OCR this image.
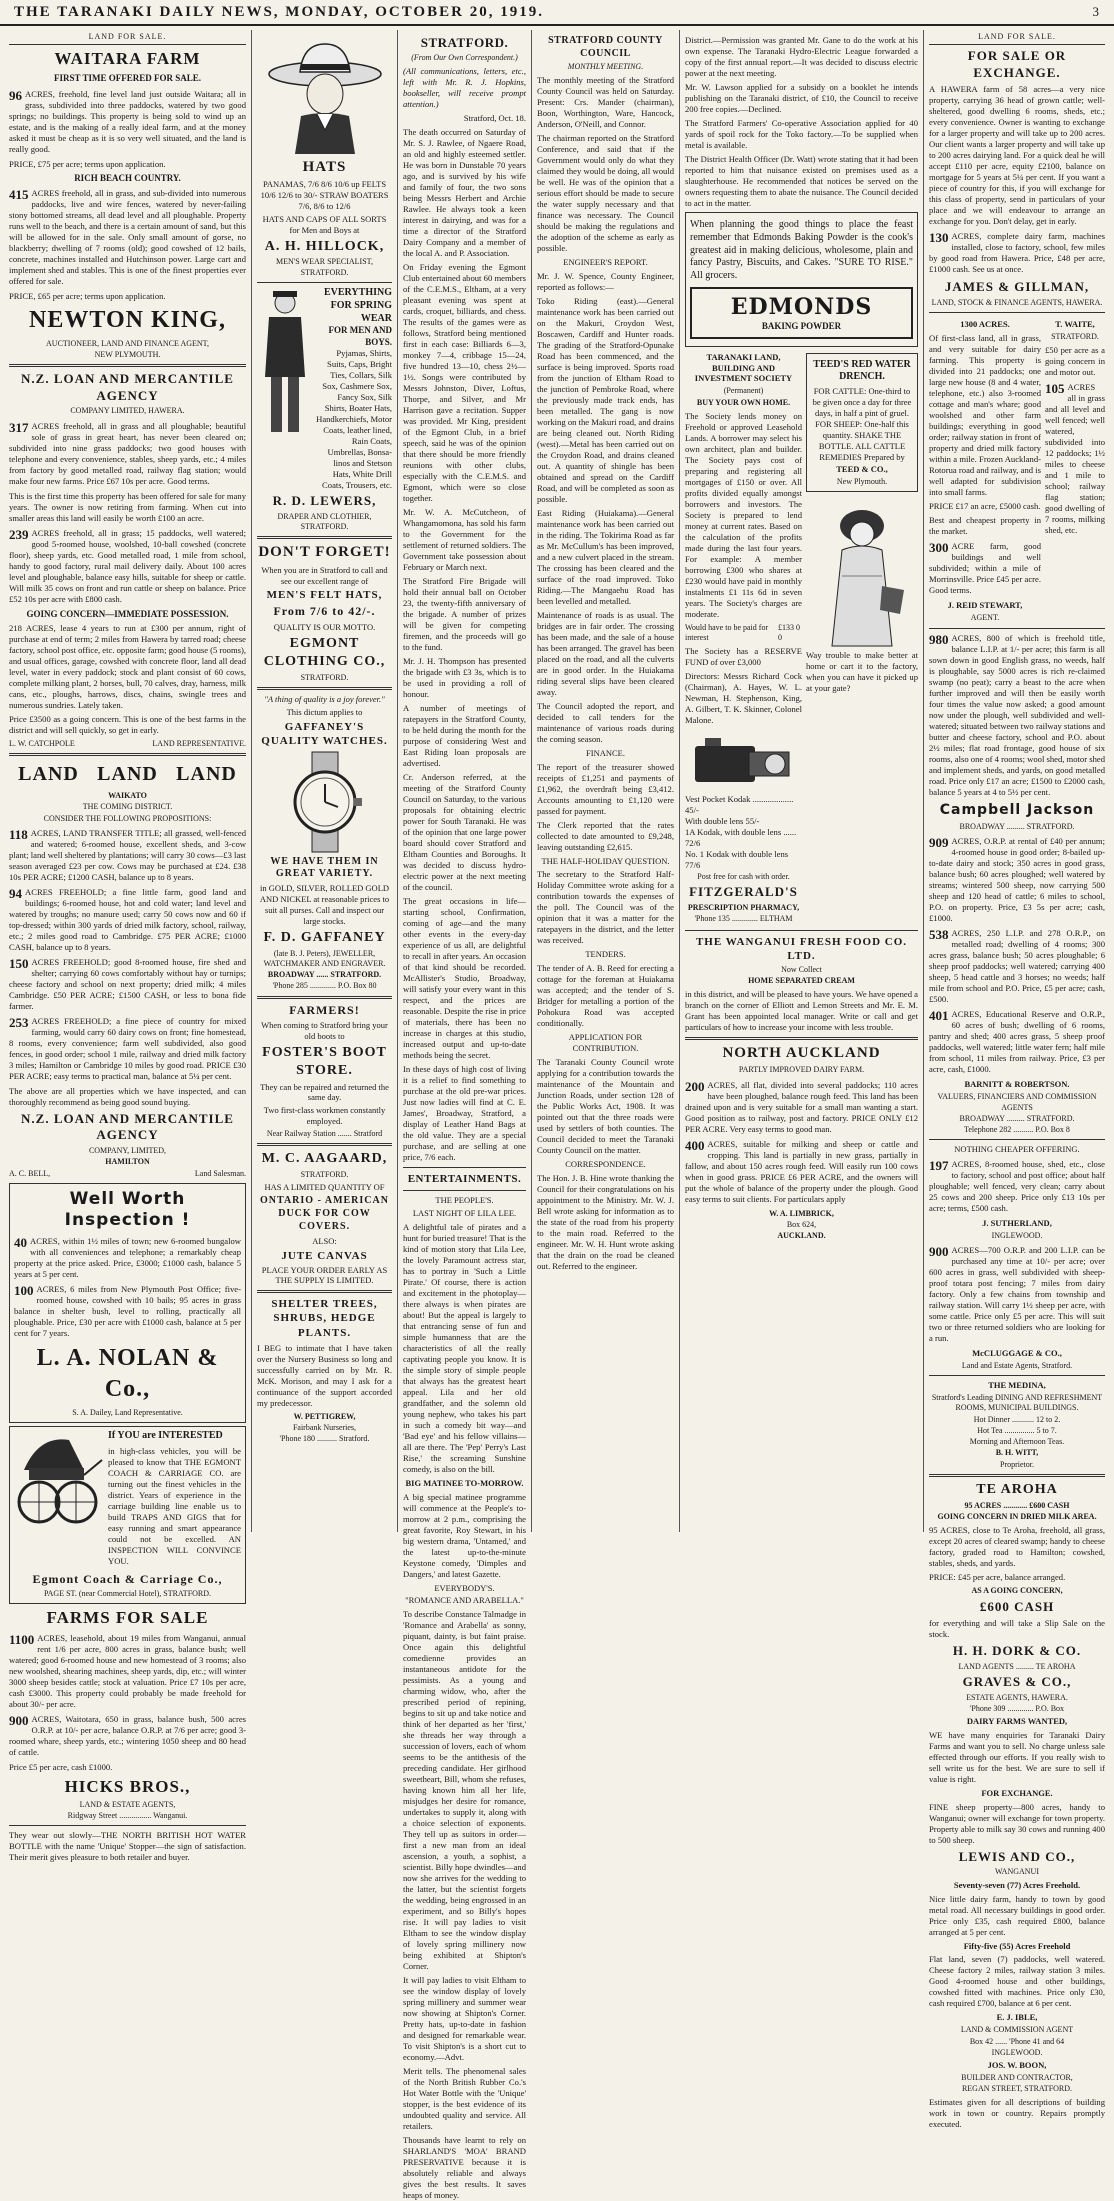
THE TARANAKI DAILY NEWS, MONDAY, OCTOBER 20, 1919.	3
LAND FOR SALE.
WAITARA FARM
FIRST TIME OFFERED FOR SALE.
96 ACRES, freehold, fine level land just outside Waitara; all in grass, subdivided into three paddocks, watered by two good springs; no buildings. This property is being sold to wind up an estate, and is the making of a really ideal farm, and at the money asked it must be cheap as it is so very well situated, and the land is really good.
PRICE, £75 per acre; terms upon application.
RICH BEACH COUNTRY.
415 ACRES freehold, all in grass, and sub-divided into numerous paddocks, live and wire fences, watered by never-failing stony bottomed streams, all dead level and all ploughable. Property runs well to the beach, and there is a certain amount of sand, but this will be allowed for in the sale. Only small amount of gorse, no blackberry; dwelling of 7 rooms (old); good cowshed of 12 bails, concrete, machines installed and Hutchinson power. Large cart and implement shed and stables. This is one of the finest properties ever offered for sale.
PRICE, £65 per acre; terms upon application.
NEWTON KING,
AUCTIONEER, LAND AND FINANCE AGENT,
NEW PLYMOUTH.
N.Z. LOAN AND MERCANTILE AGENCY
COMPANY LIMITED, HAWERA.
317 ACRES freehold, all in grass and all ploughable; beautiful sole of grass in great heart, has never been cleared on; subdivided into nine grass paddocks; two good houses with telephone and every convenience, stables, sheep yards, etc.; 4 miles from factory by good metalled road, railway flag station; would make four new farms. Price £67 10s per acre. Good terms.
This is the first time this property has been offered for sale for many years. The owner is now retiring from farming. When cut into smaller areas this land will easily be worth £100 an acre.
239 ACRES freehold, all in grass; 15 paddocks, well watered; good 5-roomed house, woolshed, 10-ball cowshed (concrete floor), sheep yards, etc. Good metalled road, 1 mile from school, handy to good factory, rural mail delivery daily. About 100 acres level and ploughable, balance easy hills, suitable for sheep or cattle. Will milk 35 cows on front and run cattle or sheep on balance. Price £52 10s per acre with £800 cash.
GOING CONCERN—IMMEDIATE POSSESSION.
218 ACRES, lease 4 years to run at £300 per annum, right of purchase at end of term; 2 miles from Hawera by tarred road; cheese factory, school post office, etc. opposite farm; good house (5 rooms), and usual offices, garage, cowshed with concrete floor, land all dead level, water in every paddock; stock and plant consist of 60 cows, complete milking plant, 2 horses, bull, 70 calves, dray, harness, milk cans, etc., ploughs, harrows, discs, chains, swingle trees and numerous sundries. Lately taken.
Price £3500 as a going concern. This is one of the best farms in the district and will sell quickly, so get in early.
L. W. CATCHPOLE	LAND REPRESENTATIVE.
LAND LAND LAND
WAIKATO
THE COMING DISTRICT.
CONSIDER THE FOLLOWING PROPOSITIONS:
118 ACRES, LAND TRANSFER TITLE; all grassed, well-fenced and watered; 6-roomed house, excellent sheds, and 3-cow plant; land well sheltered by plantations; will carry 30 cows—£3 last season averaged £23 per cow. Cows may be purchased at £24. £38 10s PER ACRE; £1200 CASH, balance up to 8 years.
94 ACRES FREEHOLD; a fine little farm, good land and buildings; 6-roomed house, hot and cold water; land level and watered by troughs; no manure used; carry 50 cows now and 60 if top-dressed; within 300 yards of dried milk factory, school, railway, etc.; 2 miles good road to Cambridge. £75 PER ACRE; £1000 CASH, balance up to 8 years.
150 ACRES FREEHOLD; good 8-roomed house, fire shed and shelter; carrying 60 cows comfortably without hay or turnips; cheese factory and school on next property; dried milk; 4 miles Cambridge. £50 PER ACRE; £1500 CASH, or less to bona fide farmer.
253 ACRES FREEHOLD; a fine piece of country for mixed farming, would carry 60 dairy cows on front; fine homestead, 8 rooms, every convenience; farm well subdivided, also good fences, in good order; school 1 mile, railway and dried milk factory 3 miles; Hamilton or Cambridge 10 miles by good road. PRICE £30 PER ACRE; easy terms to practical man, balance at 5¼ per cent.
The above are all properties which we have inspected, and can thoroughly recommend as being good sound buying.
N.Z. LOAN AND MERCANTILE AGENCY
COMPANY, LIMITED,
HAMILTON
A. C. BELL,	Land Salesman.
Well Worth Inspection !
40 ACRES, within 1½ miles of town; new 6-roomed bungalow with all conveniences and telephone; a remarkably cheap property at the price asked. Price, £3000; £1000 cash, balance 5 years at 5 per cent.
100 ACRES, 6 miles from New Plymouth Post Office; five-roomed house, cowshed with 10 bails; 95 acres in grass balance in shelter bush, level to rolling, practically all ploughable. Price, £30 per acre with £1000 cash, balance at 5 per cent for 7 years.
L. A. NOLAN & Co.,
S. A. Dailey, Land Representative.
If YOU are INTERESTED
in high-class vehicles, you will be pleased to know that THE EGMONT COACH & CARRIAGE CO. are turning out the finest vehicles in the district. Years of experience in the carriage building line enable us to build TRAPS AND GIGS that for easy running and smart appearance could not be excelled. AN INSPECTION WILL CONVINCE YOU.
Egmont Coach & Carriage Co.,
PAGE ST. (near Commercial Hotel), STRATFORD.
FARMS FOR SALE
1100 ACRES, leasehold, about 19 miles from Wanganui, annual rent 1/6 per acre, 800 acres in grass, balance bush; well watered; good 6-roomed house and new homestead of 3 rooms; also new woolshed, shearing machines, sheep yards, dip, etc.; will winter 3000 sheep besides cattle; stock at valuation. Price £7 10s per acre, cash £3000. This property could probably be made freehold for about 30/- per acre.
900 ACRES, Waitotara, 650 in grass, balance bush, 500 acres O.R.P. at 10/- per acre, balance O.R.P. at 7/6 per acre; good 3-roomed whare, sheep yards, etc.; wintering 1050 sheep and 80 head of cattle.
Price £5 per acre, cash £1000.
HICKS BROS.,
LAND & ESTATE AGENTS,
Ridgway Street ................ Wanganui.
They wear out slowly—THE NORTH BRITISH HOT WATER BOTTLE with the name 'Unique' Stopper—the sign of satisfaction. Their merit gives pleasure to both retailer and buyer.
HATS
PANAMAS, 7/6 8/6 10/6 up FELTS 10/6 12/6 to 30/- STRAW BOATERS 7/6, 8/6 to 12/6
HATS AND CAPS OF ALL SORTS for Men and Boys at
A. H. HILLOCK,
MEN'S WEAR SPECIALIST, STRATFORD.
EVERYTHING FOR SPRING WEAR
FOR MEN AND BOYS.
Pyjamas, Shirts, Suits, Caps, Bright Ties, Collars, Silk Sox, Cashmere Sox, Fancy Sox, Silk Shirts, Boater Hats, Handkerchiefs, Motor Coats, leather lined, Rain Coats, Umbrellas, Bonsa-linos and Stetson Hats, White Drill Coats, Trousers, etc.
R. D. LEWERS,
DRAPER AND CLOTHIER, STRATFORD.
DON'T FORGET!
When you are in Stratford to call and see our excellent range of
MEN'S FELT HATS,
From 7/6 to 42/-.
QUALITY IS OUR MOTTO.
EGMONT CLOTHING CO.,
STRATFORD.
"A thing of quality is a joy forever."
This dictum applies to
GAFFANEY'S QUALITY WATCHES.
WE HAVE THEM IN GREAT VARIETY.
in GOLD, SILVER, ROLLED GOLD AND NICKEL at reasonable prices to suit all purses. Call and inspect our large stocks.
F. D. GAFFANEY
(late B. J. Peters), JEWELLER, WATCHMAKER AND ENGRAVER.
BROADWAY ...... STRATFORD.
'Phone 285 ............. P.O. Box 80
FARMERS!
When coming to Stratford bring your old boots to
FOSTER'S BOOT STORE.
They can be repaired and returned the same day.
Two first-class workmen constantly employed.
Near Railway Station ....... Stratford
M. C. AAGAARD,
STRATFORD.
HAS A LIMITED QUANTITY OF
ONTARIO - AMERICAN DUCK FOR COW COVERS.
ALSO:
JUTE CANVAS
PLACE YOUR ORDER EARLY AS THE SUPPLY IS LIMITED.
SHELTER TREES, SHRUBS, HEDGE PLANTS.
I BEG to intimate that I have taken over the Nursery Business so long and successfully carried on by Mr. R. McK. Morison, and may I ask for a continuance of the support accorded my predecessor.
W. PETTIGREW,
Fairbank Nurseries,
'Phone 180 .......... Stratford.
STRATFORD.
(From Our Own Correspondent.)
(All communications, letters, etc., left with Mr. R. J. Hopkins, bookseller, will receive prompt attention.)
Stratford, Oct. 18.
The death occurred on Saturday of Mr. S. J. Rawlee, of Ngaere Road, an old and highly esteemed settler. He was born in Dunstable 70 years ago, and is survived by his wife and family of four, the two sons being Messrs Herbert and Archie Rawlee. He always took a keen interest in dairying, and was for a time a director of the Stratford Dairy Company and a member of the local A. and P. Association.
On Friday evening the Egmont Club entertained about 60 members of the C.E.M.S., Eltham, at a very pleasant evening was spent at cards, croquet, billiards, and chess. The results of the games were as follows, Stratford being mentioned first in each case: Billiards 6—3, monkey 7—4, cribbage 15—24, five hundred 13—10, chess 2½—1½. Songs were contributed by Messrs Johnston, Diver, Loftus, Thorpe, and Silver, and Mr Harrison gave a recitation. Supper was provided. Mr King, president of the Egmont Club, in a brief speech, said he was of the opinion that there should be more friendly reunions with other clubs, especially with the C.E.M.S. and Egmont, which were so close together.
Mr. W. A. McCutcheon, of Whangamomona, has sold his farm to the Government for the settlement of returned soldiers. The Government take possession about February or March next.
The Stratford Fire Brigade will hold their annual ball on October 23, the twenty-fifth anniversary of the brigade. A number of prizes will be given for competing firemen, and the proceeds will go to the fund.
Mr. J. H. Thompson has presented the brigade with £3 3s, which is to be used in providing a roll of honour.
A number of meetings of ratepayers in the Stratford County, to be held during the month for the purpose of considering West and East Riding loan proposals are advertised.
Cr. Anderson referred, at the meeting of the Stratford County Council on Saturday, to the various proposals for obtaining electric power for South Taranaki. He was of the opinion that one large power board should cover Stratford and Eltham Counties and Boroughs. It was decided to discuss hydro-electric power at the next meeting of the council.
The great occasions in life—starting school, Confirmation, coming of age—and the many other events in the every-day experience of us all, are delightful to recall in after years. An occasion of that kind should be recorded. McAllister's Studio, Broadway, will satisfy your every want in this respect, and the prices are reasonable. Despite the rise in price of materials, there has been no increase in charges at this studio, increased output and up-to-date methods being the secret.
In these days of high cost of living it is a relief to find something to purchase at the old pre-war prices. Just now ladies will find at C. E. James', Broadway, Stratford, a display of Leather Hand Bags at the old value. They are a special purchase, and are selling at one price, 7/6 each.
ENTERTAINMENTS.
THE PEOPLE'S.
LAST NIGHT OF LILA LEE.
A delightful tale of pirates and a hunt for buried treasure! That is the kind of motion story that Lila Lee, the lovely Paramount actress star, has to portray in 'Such a Little Pirate.' Of course, there is action and excitement in the photoplay—there always is when pirates are about! But the appeal is largely to that entrancing sense of fun and simple humanness that are the characteristics of all the really captivating people you know. It is the simple story of simple people that always has the greatest heart appeal. Lila and her old grandfather, and the solemn old young nephew, who takes his part in such a comedy bit way—and 'Bad eye' and his fellow villains—all are there. The 'Pep' Perry's Last Rise,' the screaming Sunshine comedy, is also on the bill.
BIG MATINEE TO-MORROW.
A big special matinee programme will commence at the People's to-morrow at 2 p.m., comprising the great favorite, Roy Stewart, in his big western drama, 'Untamed,' and the latest up-to-the-minute Keystone comedy, 'Dimples and Dangers,' and latest Gazette.
EVERYBODY'S.
"ROMANCE AND ARABELLA."
To describe Constance Talmadge in 'Romance and Arabella' as sonny, piquant, dainty, is but faint praise. Once again this delightful comedienne provides an instantaneous antidote for the pessimists. As a young and charming widow, who, after the prescribed period of repining, begins to sit up and take notice and think of her departed as her 'first,' she threads her way through a succession of lovers, each of whom seems to be the antithesis of the preceding candidate. Her girlhood sweetheart, Bill, whom she refuses, having known him all her life, misjudges her desire for romance, undertakes to supply it, along with a choice selection of exponents. They tell up as suitors in order—first a new man from an ideal ascension, a youth, a sophist, a scientist. Billy hope dwindles—and now she arrives for the wedding to the latter, but the scientist forgets the wedding, being engrossed in an experiment, and so Billy's hopes rise. It will pay ladies to visit Eltham to see the window display of lovely spring millinery now being exhibited at Shipton's Corner.
It will pay ladies to visit Eltham to see the window display of lovely spring millinery and summer wear now showing at Shipton's Corner. Pretty hats, up-to-date in fashion and designed for remarkable wear. To visit Shipton's is a short cut to economy.—Advt.
Merit tells. The phenomenal sales of the North British Rubber Co.'s Hot Water Bottle with the 'Unique' stopper, is the best evidence of its undoubted quality and service. All retailers.
Thousands have learnt to rely on SHARLAND'S 'MOA' BRAND PRESERVATIVE because it is absolutely reliable and always gives the best results. It saves heaps of money.
STRATFORD COUNTY COUNCIL
MONTHLY MEETING.
The monthly meeting of the Stratford County Council was held on Saturday. Present: Crs. Mander (chairman), Boon, Worthington, Ware, Hancock, Anderson, O'Neill, and Connor.
The chairman reported on the Stratford Conference, and said that if the Government would only do what they claimed they would be doing, all would be well. He was of the opinion that a serious effort should be made to secure the water supply necessary and that finance was necessary. The Council should be making the regulations and the adoption of the scheme as early as possible.
ENGINEER'S REPORT.
Mr. J. W. Spence, County Engineer, reported as follows:—
Toko Riding (east).—General maintenance work has been carried out on the Makuri, Croydon West, Boscawen, Cardiff and Hunter roads. The grading of the Stratford-Opunake Road has been commenced, and the surface is being improved. Sports road from the junction of Eltham Road to the junction of Pembroke Road, where the previously made track ends, has been metalled. The gang is now working on the Makuri road, and drains are being cleaned out. North Riding (west).—Metal has been carried out on the Croydon Road, and drains cleaned out. A quantity of shingle has been obtained and spread on the Cardiff Road, and will be completed as soon as possible.
East Riding (Huiakama).—General maintenance work has been carried out in the riding. The Tokirima Road as far as Mr. McCullum's has been improved, and a new culvert placed in the stream. The crossing has been cleared and the surface of the road improved. Toko Riding.—The Mangaehu Road has been levelled and metalled.
Maintenance of roads is as usual. The bridges are in fair order. The crossing has been made, and the sale of a house has been arranged. The gravel has been placed on the road, and all the culverts are in good order. In the Huiakama riding several slips have been cleared away.
The Council adopted the report, and decided to call tenders for the maintenance of various roads during the coming season.
FINANCE.
The report of the treasurer showed receipts of £1,251 and payments of £1,962, the overdraft being £3,412. Accounts amounting to £1,120 were passed for payment.
The Clerk reported that the rates collected to date amounted to £9,248, leaving outstanding £2,615.
THE HALF-HOLIDAY QUESTION.
The secretary to the Stratford Half-Holiday Committee wrote asking for a contribution towards the expenses of the poll. The Council was of the opinion that it was a matter for the ratepayers in the district, and the letter was received.
TENDERS.
The tender of A. B. Reed for erecting a cottage for the foreman at Huiakama was accepted; and the tender of S. Bridger for metalling a portion of the Pohokura Road was accepted conditionally.
APPLICATION FOR CONTRIBUTION.
The Taranaki County Council wrote applying for a contribution towards the maintenance of the Mountain and Junction Roads, under section 128 of the Public Works Act, 1908. It was pointed out that the three roads were used by settlers of both counties. The Council decided to meet the Taranaki County Council on the matter.
CORRESPONDENCE.
The Hon. J. B. Hine wrote thanking the Council for their congratulations on his appointment to the Ministry. Mr. W. J. Bell wrote asking for information as to the state of the road from his property to the main road. Referred to the engineer. Mr. W. H. Hunt wrote asking that the drain on the road be cleaned out. Referred to the engineer.
District.—Permission was granted Mr. Gane to do the work at his own expense. The Taranaki Hydro-Electric League forwarded a copy of the first annual report.—It was decided to discuss electric power at the next meeting.
Mr. W. Lawson applied for a subsidy on a booklet he intends publishing on the Taranaki district, of £10, the Council to receive 200 free copies.—Declined.
The Stratford Farmers' Co-operative Association applied for 40 yards of spoil rock for the Toko factory.—To be supplied when metal is available.
The District Health Officer (Dr. Watt) wrote stating that it had been reported to him that nuisance existed on premises used as a slaughterhouse. He recommended that notices be served on the owners requesting them to abate the nuisance. The Council decided to act in the matter.
When planning the good things to place the feast remember that Edmonds Baking Powder is the cook's greatest aid in making delicious, wholesome, plain and fancy Pastry, Biscuits, and Cakes. "SURE TO RISE." All grocers.
EDMONDS
BAKING POWDER
TARANAKI LAND, BUILDING AND INVESTMENT SOCIETY
(Permanent)
BUY YOUR OWN HOME.
The Society lends money on Freehold or approved Leasehold Lands. A borrower may select his own architect, plan and builder. The Society pays cost of preparing and registering all mortgages of £150 or over. All profits divided equally amongst borrowers and investors. The Society is prepared to lend money at current rates. Based on the calculation of the profits made during the last four years. For example: A member borrowing £300 who shares at £230 would have paid in monthly instalments £1 11s 6d in seven years. The Society's charges are moderate.
Would have to be paid for interest
£133 0 0
The Society has a RESERVE FUND of over £3,000
Directors: Messrs Richard Cock (Chairman), A. Hayes, W. L. Newman, H. Stephenson, King, A. Gilbert, T. K. Skinner, Colonel Malone.
Vest Pocket Kodak ................... 45/-
With double lens 55/-
1A Kodak, with double lens ...... 72/6
No. 1 Kodak with double lens 77/6
Post free for cash with order.
FITZGERALD'S
PRESCRIPTION PHARMACY,
'Phone 135 ............. ELTHAM
TEED'S RED WATER DRENCH.
FOR CATTLE: One-third to be given once a day for three days, in half a pint of gruel. FOR SHEEP: One-half this quantity. SHAKE THE BOTTLE. ALL CATTLE REMEDIES Prepared by
TEED & CO.,
New Plymouth.
Way trouble to make better at home or cart it to the factory, when you can have it picked up at your gate?
THE WANGANUI FRESH FOOD CO. LTD.
Now Collect
HOME SEPARATED CREAM
in this district, and will be pleased to have yours. We have opened a branch on the corner of Elliott and Lemon Streets and Mr. E. M. Grant has been appointed local manager. Write or call and get particulars of how to increase your income with less trouble.
NORTH AUCKLAND
PARTLY IMPROVED DAIRY FARM.
200 ACRES, all flat, divided into several paddocks; 110 acres have been ploughed, balance rough feed. This land has been drained upon and is very suitable for a small man wanting a start. Good position as to railway, post and factory. PRICE ONLY £12 PER ACRE. Very easy terms to good man.
400 ACRES, suitable for milking and sheep or cattle and cropping. This land is partially in new grass, partially in fallow, and about 150 acres rough feed. Will easily run 100 cows when in good grass. PRICE £6 PER ACRE, and the owners will put the whole of balance of the property under the plough. Good easy terms to suit clients. For particulars apply
W. A. LIMBRICK,
Box 624,
AUCKLAND.
LAND FOR SALE.
FOR SALE OR EXCHANGE.
A HAWERA farm of 58 acres—a very nice property, carrying 36 head of grown cattle; well-sheltered, good dwelling 6 rooms, sheds, etc.; every convenience. Owner is wanting to exchange for a larger property and will take up to 200 acres. Our client wants a larger property and will take up to 200 acres dairying land. For a quick deal he will accept £110 per acre, equity £2100, balance on mortgage for 5 years at 5¼ per cent. If you want a piece of country for this, if you will exchange for this class of property, send in particulars of your place and we will endeavour to arrange an exchange for you. Don't delay, get in early.
130 ACRES, complete dairy farm, machines installed, close to factory, school, few miles by good road from Hawera. Price, £48 per acre, £1000 cash. See us at once.
JAMES & GILLMAN,
LAND, STOCK & FINANCE AGENTS, HAWERA.
1300 ACRES.
Of first-class land, all in grass, and very suitable for dairy farming. This property is divided into 21 paddocks; one large new house (8 and 4 water, telephone, etc.) also 3-roomed cottage and man's whare; good woolshed and other farm buildings; everything in good order; railway station in front of property and dried milk factory within a mile. Frozen Auckland-Rotorua road and railway, and is well adapted for subdivision into small farms.
PRICE £17 an acre, £5000 cash.
Best and cheapest property in the market.
300 ACRE farm, good buildings and well subdivided; within a mile of Morrinsville. Price £45 per acre. Good terms.
J. REID STEWART,
AGENT.
T. WAITE,
STRATFORD.
£50 per acre as a going concern in and motor out.
105 ACRES all in grass and all level and well fenced; well watered, subdivided into 12 paddocks; 1½ miles to cheese and 1 mile to school; railway flag station; good dwelling of 7 rooms, milking shed, etc.
980 ACRES, 800 of which is freehold title, balance L.I.P. at 1/- per acre; this farm is all sown down in good English grass, no weeds, half is ploughable, say 5000 acres is rich re-claimed swamp (no peat); carry a beast to the acre when further improved and will then be easily worth four times the value now asked; a good amount now under the plough, well subdivided and well-watered; situated between two railway stations and butter and cheese factory, school and P.O. about 2½ miles; flat road frontage, good house of six rooms, also one of 4 rooms; wool shed, motor shed and implement sheds, and yards, on good metalled road. Price only £17 an acre; £1500 to £2000 cash, balance 5 years at 4 to 5½ per cent.
Campbell Jackson
BROADWAY ......... STRATFORD.
909 ACRES, O.R.P. at rental of £40 per annum; 4-roomed house in good order; 8-bailed up-to-date dairy and stock; 350 acres in good grass, balance bush; 60 acres ploughed; well watered by streams; wintered 500 sheep, now carrying 500 sheep and 120 head of cattle; 6 miles to school, P.O. on property. Price, £3 5s per acre; cash, £1000.
538 ACRES, 250 L.I.P. and 278 O.R.P., on metalled road; dwelling of 4 rooms; 300 acres grass, balance bush; 50 acres ploughable; 6 sheep proof paddocks; well watered; carrying 400 sheep, 5 head cattle and 3 horses; no weeds; half mile from school and P.O. Price, £5 per acre; cash, £500.
401 ACRES, Educational Reserve and O.R.P., 60 acres of bush; dwelling of 6 rooms, pantry and shed; 400 acres grass, 5 sheep proof paddocks, well watered; little water fern; half mile from school, 11 miles from railway. Price, £3 per acre, cash, £1000.
BARNITT & ROBERTSON.
VALUERS, FINANCIERS AND COMMISSION AGENTS
BROADWAY ......... STRATFORD.
Telephone 282 .......... P.O. Box 8
NOTHING CHEAPER OFFERING.
197 ACRES, 8-roomed house, shed, etc., close to factory, school and post office; about half ploughable; well fenced, very clean; carry about 25 cows and 200 sheep. Price only £13 10s per acre; terms, £500 cash.
J. SUTHERLAND,
INGLEWOOD.
900 ACRES—700 O.R.P. and 200 L.I.P. can be purchased any time at 10/- per acre; over 600 acres in grass, well subdivided with sheep-proof totara post fencing; 7 miles from dairy factory. Only a few chains from township and railway station. Will carry 1½ sheep per acre, with some cattle. Price only £5 per acre. This will suit two or three returned soldiers who are looking for a run.
McCLUGGAGE & CO.,
Land and Estate Agents, Stratford.
THE MEDINA,
Stratford's Leading DINING AND REFRESHMENT ROOMS, MUNICIPAL BUILDINGS.
Hot Dinner ........... 12 to 2.
Hot Tea ............... 5 to 7.
Morning and Afternoon Teas.
B. H. WITT,
Proprietor.
TE AROHA
95 ACRES ............ £600 CASH
GOING CONCERN IN DRIED MILK AREA.
95 ACRES, close to Te Aroha, freehold, all grass, except 20 acres of cleared swamp; handy to cheese factory, graded road to Hamilton; cowshed, stables, sheds, and yards.
PRICE: £45 per acre, balance arranged.
AS A GOING CONCERN,
£600 CASH
for everything and will take a Slip Sale on the stock.
H. H. DORK & CO.
LAND AGENTS ......... TE AROHA
GRAVES & CO.,
ESTATE AGENTS, HAWERA.
'Phone 309 ............. P.O. Box
DAIRY FARMS WANTED,
WE have many enquiries for Taranaki Dairy Farms and want you to sell. No charge unless sale effected through our efforts. If you really wish to sell write us for the best. We are sure to sell if value is right.
FOR EXCHANGE.
FINE sheep property—800 acres, handy to Wanganui; owner will exchange for town property. Property able to milk say 30 cows and running 400 to 500 sheep.
LEWIS AND CO.,
WANGANUI
Seventy-seven (77) Acres Freehold.
Nice little dairy farm, handy to town by good metal road. All necessary buildings in good order. Price only £35, cash required £800, balance arranged at 5 per cent.
Fifty-five (55) Acres Freehold
Flat land, seven (7) paddocks, well watered. Cheese factory 2 miles, railway station 3 miles. Good 4-roomed house and other buildings, cowshed fitted with machines. Price only £30, cash required £700, balance at 6 per cent.
E. J. IBLE,
LAND & COMMISSION AGENT
Box 42 ...... 'Phone 41 and 64
INGLEWOOD.
JOS. W. BOON,
BUILDER AND CONTRACTOR,
REGAN STREET, STRATFORD.
Estimates given for all descriptions of building work in town or country. Repairs promptly executed.
